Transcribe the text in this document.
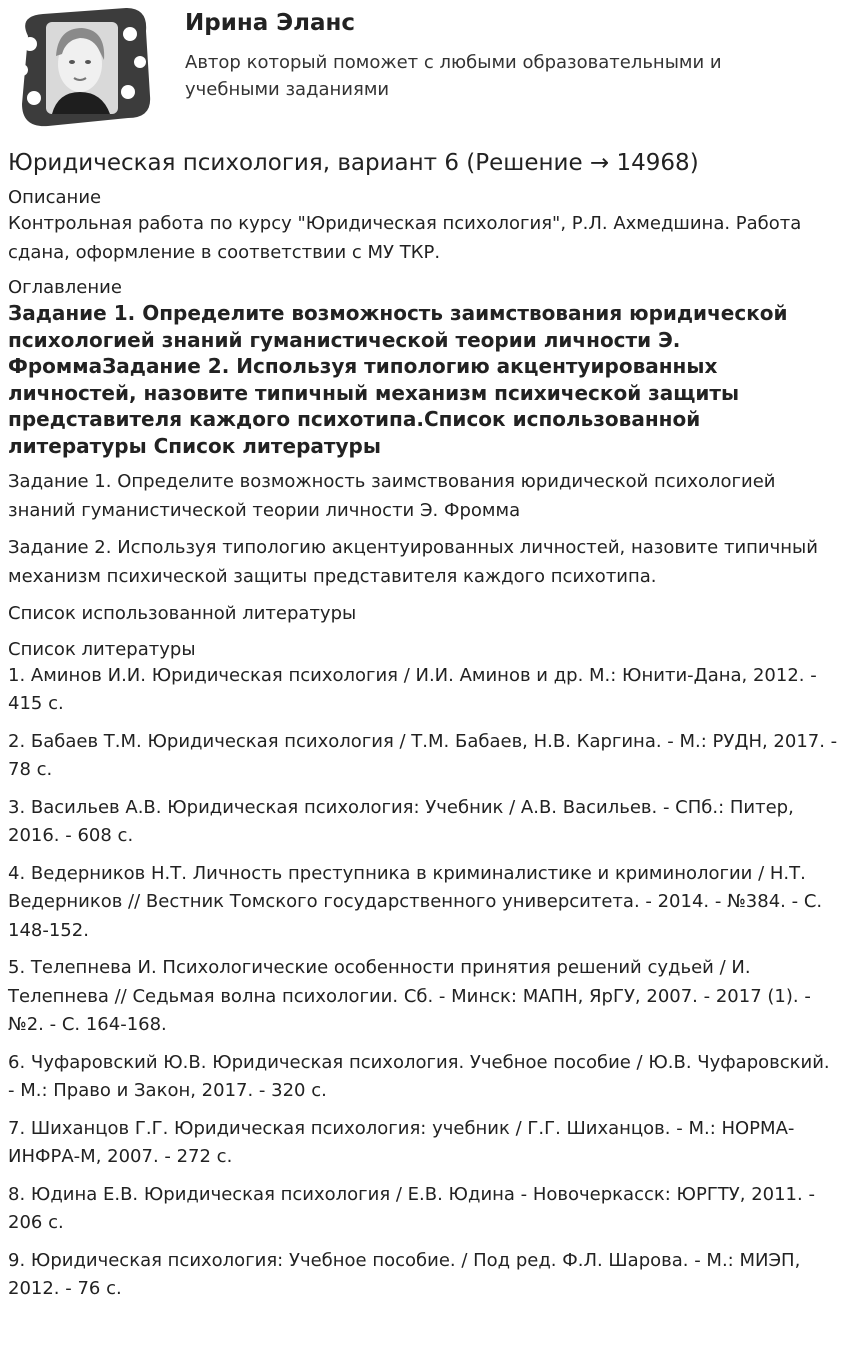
Ирина Эланс
Автор который поможет с любыми образовательными и учебными заданиями
Юридическая психология, вариант 6 (Решение → 14968)
Описание

Контрольная работа по курсу "Юридическая психология", Р.Л. Ахмедшина. Работа сдана, оформление в соответствии с МУ ТКР.

Оглавление
Задание 1. Определите возможность заимствования юридической психологией знаний гуманистической теории личности Э. ФроммаЗадание 2. Используя типологию акцентуированных личностей, назовите типичный механизм психической защиты представителя каждого психотипа.Список использованной литературы Список литературы

Задание 1. Определите возможность заимствования юридической психологией знаний гуманистической теории личности Э. Фромма

Задание 2. Используя типологию акцентуированных личностей, назовите типичный механизм психической защиты представителя каждого психотипа.

Список использованной литературы

Список литературы

1. Аминов И.И. Юридическая психология / И.И. Аминов и др. М.: Юнити-Дана, 2012. - 415 с.

2. Бабаев Т.М. Юридическая психология / Т.М. Бабаев, Н.В. Каргина. - М.: РУДН, 2017. - 78 с.

3. Васильев А.В. Юридическая психология: Учебник / А.В. Васильев. - СПб.: Питер, 2016. - 608 с.

4. Ведерников Н.Т. Личность преступника в криминалистике и криминологии / Н.Т. Ведерников // Вестник Томского государственного университета. - 2014. - №384. - С. 148-152.

5. Телепнева И. Психологические особенности принятия решений судьей / И. Телепнева // Седьмая волна психологии. Сб. - Минск: МАПН, ЯрГУ, 2007. - 2017 (1). - №2. - С. 164-168.

6. Чуфаровский Ю.В. Юридическая психология. Учебное пособие / Ю.В. Чуфаровский. - М.: Право и Закон, 2017. - 320 с.

7. Шиханцов Г.Г. Юридическая психология: учебник / Г.Г. Шиханцов. - М.: НОРМА-ИНФРА-М, 2007. - 272 с.

8. Юдина Е.В. Юридическая психология / Е.В. Юдина - Новочеркасск: ЮРГТУ, 2011. - 206 с.

9. Юридическая психология: Учебное пособие. / Под ред. Ф.Л. Шарова. - М.: МИЭП, 2012. - 76 с.
